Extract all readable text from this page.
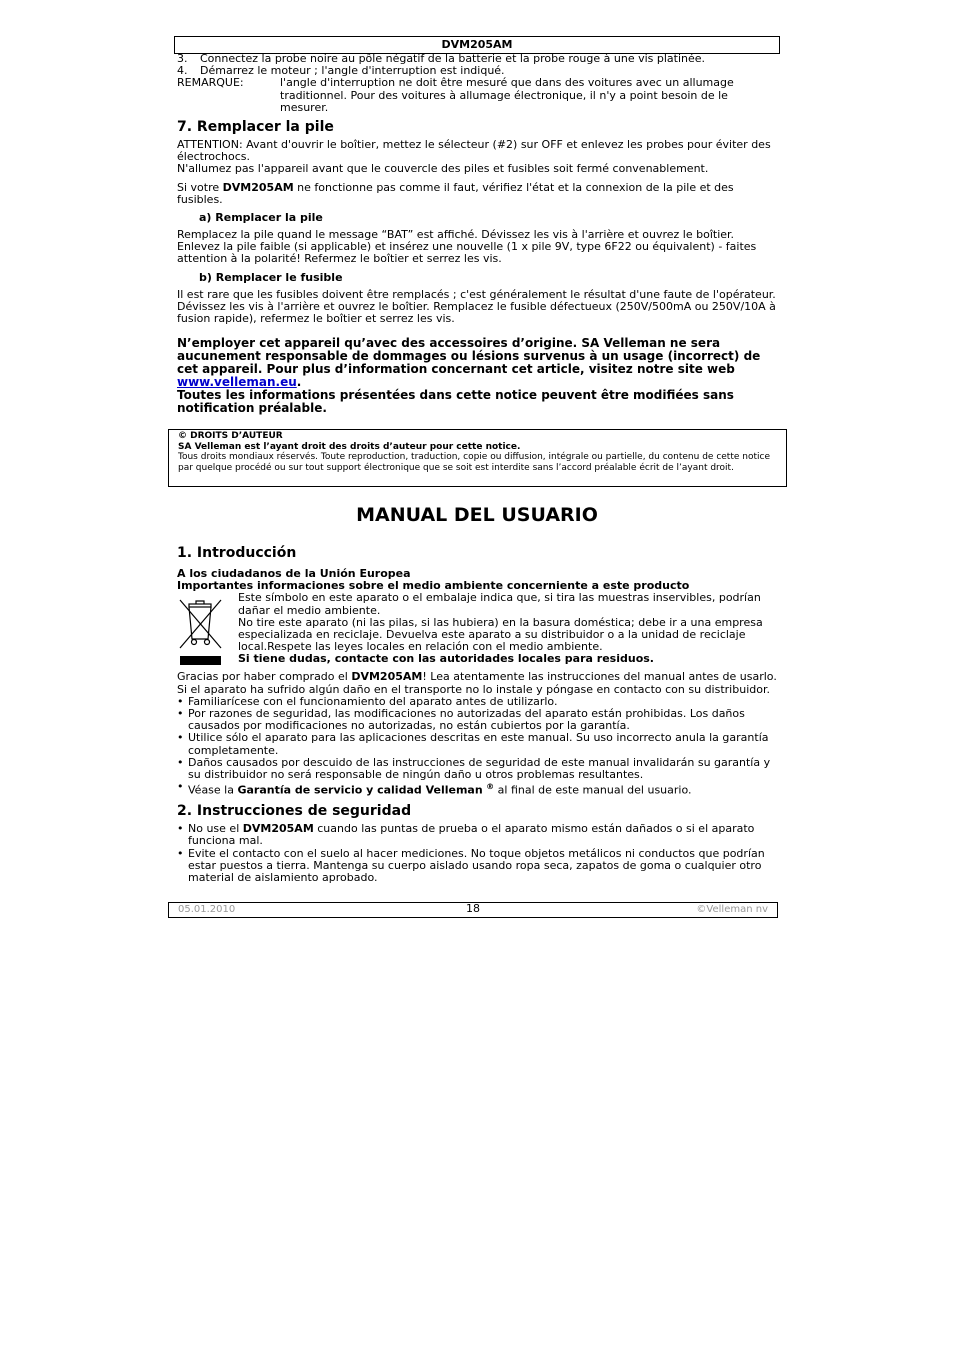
DVM205AM
3.	Connectez la probe noire au pôle négatif de la batterie et la probe rouge à une vis platinée.
4.	Démarrez le moteur ; l'angle d'interruption est indiqué.
REMARQUE:	l'angle d'interruption ne doit être mesuré que dans des voitures avec un allumage traditionnel. Pour des voitures à allumage électronique, il n'y a point besoin de le mesurer.

7. Remplacer la pile

ATTENTION: Avant d'ouvrir le boîtier, mettez le sélecteur (#2) sur OFF et enlevez les probes pour éviter des électrochocs.

N'allumez pas l'appareil avant que le couvercle des piles et fusibles soit fermé convenablement.

Si votre DVM205AM ne fonctionne pas comme il faut, vérifiez l'état et la connexion de la pile et des fusibles.

a) Remplacer la pile

Remplacez la pile quand le message “BAT” est affiché. Dévissez les vis à l'arrière et ouvrez le boîtier. Enlevez la pile faible (si applicable) et insérez une nouvelle (1 x pile 9V, type 6F22 ou équivalent) - faites attention à la polarité! Refermez le boîtier et serrez les vis.

b) Remplacer le fusible

Il est rare que les fusibles doivent être remplacés ; c'est généralement le résultat d'une faute de l'opérateur. Dévissez les vis à l'arrière et ouvrez le boîtier. Remplacez le fusible défectueux (250V/500mA ou 250V/10A à fusion rapide), refermez le boîtier et serrez les vis.

N’employer cet appareil qu’avec des accessoires d’origine. SA Velleman ne sera aucunement responsable de dommages ou lésions survenus à un usage (incorrect) de cet appareil. Pour plus d’information concernant cet article, visitez notre site web www.velleman.eu.

Toutes les informations présentées dans cette notice peuvent être modifiées sans notification préalable.

© DROITS D’AUTEUR
SA Velleman est l’ayant droit des droits d’auteur pour cette notice.
Tous droits mondiaux réservés. Toute reproduction, traduction, copie ou diffusion, intégrale ou partielle, du contenu de cette notice par quelque procédé ou sur tout support électronique que se soit est interdite sans l’accord préalable écrit de l’ayant droit.
MANUAL DEL USUARIO

1. Introducción

A los ciudadanos de la Unión Europea

Importantes informaciones sobre el medio ambiente concerniente a este producto

Este símbolo en este aparato o el embalaje indica que, si tira las muestras inservibles, podrían dañar el medio ambiente.

No tire este aparato (ni las pilas, si las hubiera) en la basura doméstica; debe ir a una empresa especializada en reciclaje. Devuelva este aparato a su distribuidor o a la unidad de reciclaje local.Respete las leyes locales en relación con el medio ambiente.

Si tiene dudas, contacte con las autoridades locales para residuos.

Gracias por haber comprado el DVM205AM! Lea atentamente las instrucciones del manual antes de usarlo. Si el aparato ha sufrido algún daño en el transporte no lo instale y póngase en contacto con su distribuidor.

• Familiarícese con el funcionamiento del aparato antes de utilizarlo.
• Por razones de seguridad, las modificaciones no autorizadas del aparato están prohibidas. Los daños causados por modificaciones no autorizadas, no están cubiertos por la garantía.
• Utilice sólo el aparato para las aplicaciones descritas en este manual. Su uso incorrecto anula la garantía completamente.
• Daños causados por descuido de las instrucciones de seguridad de este manual invalidarán su garantía y su distribuidor no será responsable de ningún daño u otros problemas resultantes.
• Véase la Garantía de servicio y calidad Velleman ® al final de este manual del usuario.

2. Instrucciones de seguridad

• No use el DVM205AM cuando las puntas de prueba o el aparato mismo están dañados o si el aparato funciona mal.
• Evite el contacto con el suelo al hacer mediciones. No toque objetos metálicos ni conductos que podrían estar puestos a tierra. Mantenga su cuerpo aislado usando ropa seca, zapatos de goma o cualquier otro material de aislamiento aprobado.
05.01.2010	18	©Velleman nv
